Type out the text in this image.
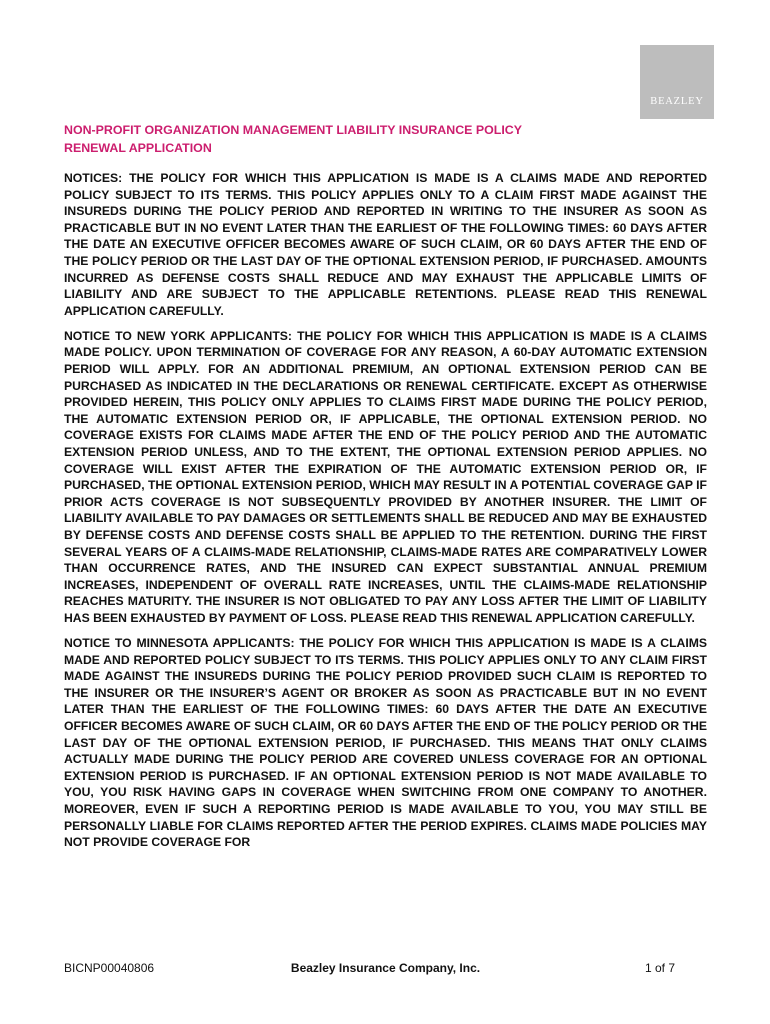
BEAZLEY
NON-PROFIT ORGANIZATION MANAGEMENT LIABILITY INSURANCE POLICY
RENEWAL APPLICATION

NOTICES: THE POLICY FOR WHICH THIS APPLICATION IS MADE IS A CLAIMS MADE AND REPORTED POLICY SUBJECT TO ITS TERMS. THIS POLICY APPLIES ONLY TO A CLAIM FIRST MADE AGAINST THE INSUREDS DURING THE POLICY PERIOD AND REPORTED IN WRITING TO THE INSURER AS SOON AS PRACTICABLE BUT IN NO EVENT LATER THAN THE EARLIEST OF THE FOLLOWING TIMES: 60 DAYS AFTER THE DATE AN EXECUTIVE OFFICER BECOMES AWARE OF SUCH CLAIM, OR 60 DAYS AFTER THE END OF THE POLICY PERIOD OR THE LAST DAY OF THE OPTIONAL EXTENSION PERIOD, IF PURCHASED. AMOUNTS INCURRED AS DEFENSE COSTS SHALL REDUCE AND MAY EXHAUST THE APPLICABLE LIMITS OF LIABILITY AND ARE SUBJECT TO THE APPLICABLE RETENTIONS. PLEASE READ THIS RENEWAL APPLICATION CAREFULLY.

NOTICE TO NEW YORK APPLICANTS: THE POLICY FOR WHICH THIS APPLICATION IS MADE IS A CLAIMS MADE POLICY. UPON TERMINATION OF COVERAGE FOR ANY REASON, A 60-DAY AUTOMATIC EXTENSION PERIOD WILL APPLY. FOR AN ADDITIONAL PREMIUM, AN OPTIONAL EXTENSION PERIOD CAN BE PURCHASED AS INDICATED IN THE DECLARATIONS OR RENEWAL CERTIFICATE. EXCEPT AS OTHERWISE PROVIDED HEREIN, THIS POLICY ONLY APPLIES TO CLAIMS FIRST MADE DURING THE POLICY PERIOD, THE AUTOMATIC EXTENSION PERIOD OR, IF APPLICABLE, THE OPTIONAL EXTENSION PERIOD. NO COVERAGE EXISTS FOR CLAIMS MADE AFTER THE END OF THE POLICY PERIOD AND THE AUTOMATIC EXTENSION PERIOD UNLESS, AND TO THE EXTENT, THE OPTIONAL EXTENSION PERIOD APPLIES. NO COVERAGE WILL EXIST AFTER THE EXPIRATION OF THE AUTOMATIC EXTENSION PERIOD OR, IF PURCHASED, THE OPTIONAL EXTENSION PERIOD, WHICH MAY RESULT IN A POTENTIAL COVERAGE GAP IF PRIOR ACTS COVERAGE IS NOT SUBSEQUENTLY PROVIDED BY ANOTHER INSURER. THE LIMIT OF LIABILITY AVAILABLE TO PAY DAMAGES OR SETTLEMENTS SHALL BE REDUCED AND MAY BE EXHAUSTED BY DEFENSE COSTS AND DEFENSE COSTS SHALL BE APPLIED TO THE RETENTION. DURING THE FIRST SEVERAL YEARS OF A CLAIMS-MADE RELATIONSHIP, CLAIMS-MADE RATES ARE COMPARATIVELY LOWER THAN OCCURRENCE RATES, AND THE INSURED CAN EXPECT SUBSTANTIAL ANNUAL PREMIUM INCREASES, INDEPENDENT OF OVERALL RATE INCREASES, UNTIL THE CLAIMS-MADE RELATIONSHIP REACHES MATURITY. THE INSURER IS NOT OBLIGATED TO PAY ANY LOSS AFTER THE LIMIT OF LIABILITY HAS BEEN EXHAUSTED BY PAYMENT OF LOSS. PLEASE READ THIS RENEWAL APPLICATION CAREFULLY.

NOTICE TO MINNESOTA APPLICANTS: THE POLICY FOR WHICH THIS APPLICATION IS MADE IS A CLAIMS MADE AND REPORTED POLICY SUBJECT TO ITS TERMS. THIS POLICY APPLIES ONLY TO ANY CLAIM FIRST MADE AGAINST THE INSUREDS DURING THE POLICY PERIOD PROVIDED SUCH CLAIM IS REPORTED TO THE INSURER OR THE INSURER’S AGENT OR BROKER AS SOON AS PRACTICABLE BUT IN NO EVENT LATER THAN THE EARLIEST OF THE FOLLOWING TIMES: 60 DAYS AFTER THE DATE AN EXECUTIVE OFFICER BECOMES AWARE OF SUCH CLAIM, OR 60 DAYS AFTER THE END OF THE POLICY PERIOD OR THE LAST DAY OF THE OPTIONAL EXTENSION PERIOD, IF PURCHASED. THIS MEANS THAT ONLY CLAIMS ACTUALLY MADE DURING THE POLICY PERIOD ARE COVERED UNLESS COVERAGE FOR AN OPTIONAL EXTENSION PERIOD IS PURCHASED. IF AN OPTIONAL EXTENSION PERIOD IS NOT MADE AVAILABLE TO YOU, YOU RISK HAVING GAPS IN COVERAGE WHEN SWITCHING FROM ONE COMPANY TO ANOTHER. MOREOVER, EVEN IF SUCH A REPORTING PERIOD IS MADE AVAILABLE TO YOU, YOU MAY STILL BE PERSONALLY LIABLE FOR CLAIMS REPORTED AFTER THE PERIOD EXPIRES. CLAIMS MADE POLICIES MAY NOT PROVIDE COVERAGE FOR

BICNP00040806	Beazley Insurance Company, Inc.	1 of 7
